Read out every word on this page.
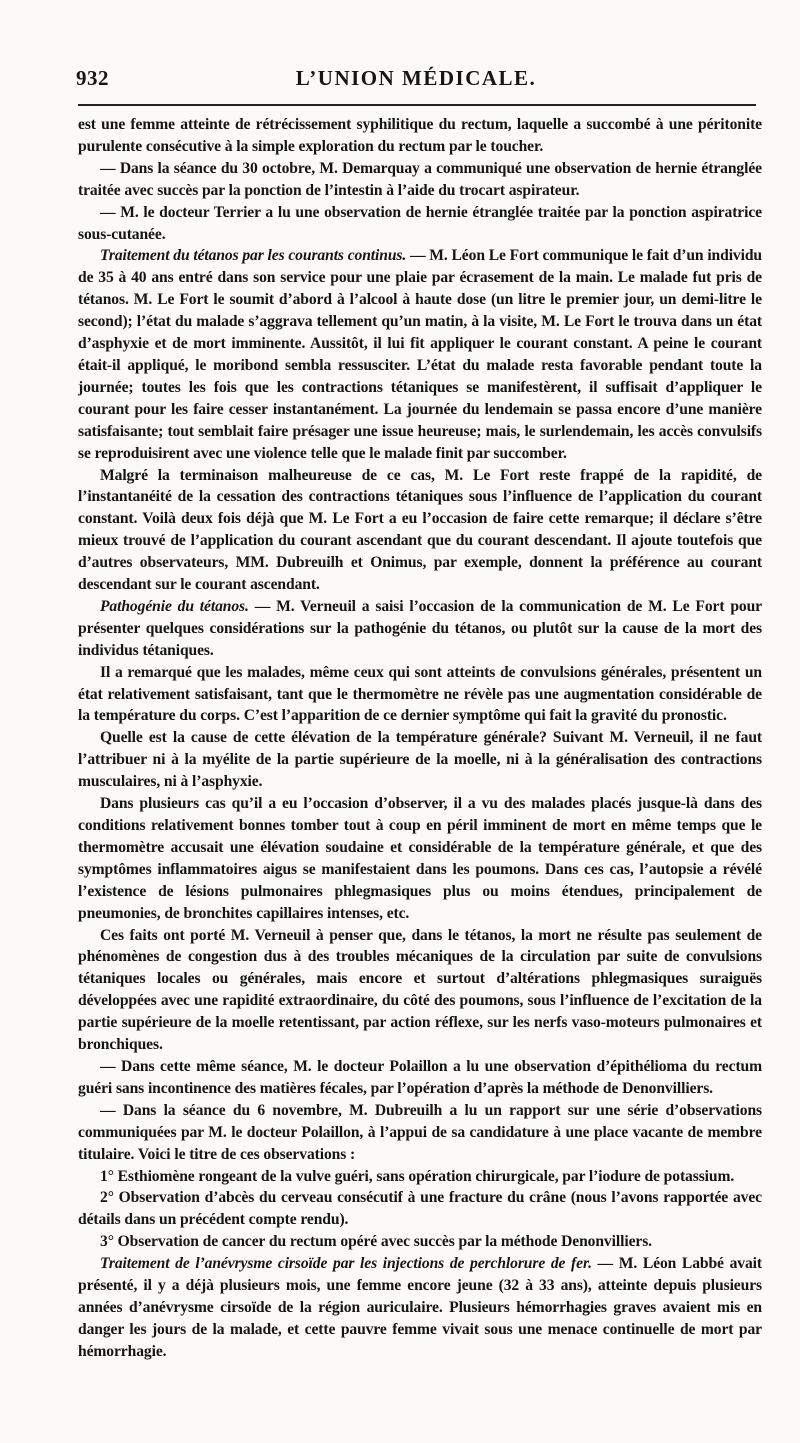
932	L’UNION MÉDICALE.

est une femme atteinte de rétrécissement syphilitique du rectum, laquelle a succombé à une péritonite purulente consécutive à la simple exploration du rectum par le toucher.

— Dans la séance du 30 octobre, M. Demarquay a communiqué une observation de hernie étranglée traitée avec succès par la ponction de l’intestin à l’aide du trocart aspirateur.

— M. le docteur Terrier a lu une observation de hernie étranglée traitée par la ponction aspiratrice sous-cutanée.

Traitement du tétanos par les courants continus. — M. Léon Le Fort communique le fait d’un individu de 35 à 40 ans entré dans son service pour une plaie par écrasement de la main. Le malade fut pris de tétanos. M. Le Fort le soumit d’abord à l’alcool à haute dose (un litre le premier jour, un demi-litre le second); l’état du malade s’aggrava tellement qu’un matin, à la visite, M. Le Fort le trouva dans un état d’asphyxie et de mort imminente. Aussitôt, il lui fit appliquer le courant constant. A peine le courant était-il appliqué, le moribond sembla ressusciter. L’état du malade resta favorable pendant toute la journée; toutes les fois que les contractions tétaniques se manifestèrent, il suffisait d’appliquer le courant pour les faire cesser instantanément. La journée du lendemain se passa encore d’une manière satisfaisante; tout semblait faire présager une issue heureuse; mais, le surlendemain, les accès convulsifs se reproduisirent avec une violence telle que le malade finit par succomber.

Malgré la terminaison malheureuse de ce cas, M. Le Fort reste frappé de la rapidité, de l’instantanéité de la cessation des contractions tétaniques sous l’influence de l’application du courant constant. Voilà deux fois déjà que M. Le Fort a eu l’occasion de faire cette remarque; il déclare s’être mieux trouvé de l’application du courant ascendant que du courant descendant. Il ajoute toutefois que d’autres observateurs, MM. Dubreuilh et Onimus, par exemple, donnent la préférence au courant descendant sur le courant ascendant.

Pathogénie du tétanos. — M. Verneuil a saisi l’occasion de la communication de M. Le Fort pour présenter quelques considérations sur la pathogénie du tétanos, ou plutôt sur la cause de la mort des individus tétaniques.

Il a remarqué que les malades, même ceux qui sont atteints de convulsions générales, présentent un état relativement satisfaisant, tant que le thermomètre ne révèle pas une augmentation considérable de la température du corps. C’est l’apparition de ce dernier symptôme qui fait la gravité du pronostic.

Quelle est la cause de cette élévation de la température générale? Suivant M. Verneuil, il ne faut l’attribuer ni à la myélite de la partie supérieure de la moelle, ni à la généralisation des contractions musculaires, ni à l’asphyxie.

Dans plusieurs cas qu’il a eu l’occasion d’observer, il a vu des malades placés jusque-là dans des conditions relativement bonnes tomber tout à coup en péril imminent de mort en même temps que le thermomètre accusait une élévation soudaine et considérable de la température générale, et que des symptômes inflammatoires aigus se manifestaient dans les poumons. Dans ces cas, l’autopsie a révélé l’existence de lésions pulmonaires phlegmasiques plus ou moins étendues, principalement de pneumonies, de bronchites capillaires intenses, etc.

Ces faits ont porté M. Verneuil à penser que, dans le tétanos, la mort ne résulte pas seulement de phénomènes de congestion dus à des troubles mécaniques de la circulation par suite de convulsions tétaniques locales ou générales, mais encore et surtout d’altérations phlegmasiques suraiguës développées avec une rapidité extraordinaire, du côté des poumons, sous l’influence de l’excitation de la partie supérieure de la moelle retentissant, par action réflexe, sur les nerfs vaso-moteurs pulmonaires et bronchiques.

— Dans cette même séance, M. le docteur Polaillon a lu une observation d’épithélioma du rectum guéri sans incontinence des matières fécales, par l’opération d’après la méthode de Denonvilliers.

— Dans la séance du 6 novembre, M. Dubreuilh a lu un rapport sur une série d’observations communiquées par M. le docteur Polaillon, à l’appui de sa candidature à une place vacante de membre titulaire. Voici le titre de ces observations :

1° Esthiomène rongeant de la vulve guéri, sans opération chirurgicale, par l’iodure de potassium.

2° Observation d’abcès du cerveau consécutif à une fracture du crâne (nous l’avons rapportée avec détails dans un précédent compte rendu).

3° Observation de cancer du rectum opéré avec succès par la méthode Denonvilliers.

Traitement de l’anévrysme cirsoïde par les injections de perchlorure de fer. — M. Léon Labbé avait présenté, il y a déjà plusieurs mois, une femme encore jeune (32 à 33 ans), atteinte depuis plusieurs années d’anévrysme cirsoïde de la région auriculaire. Plusieurs hémorrhagies graves avaient mis en danger les jours de la malade, et cette pauvre femme vivait sous une menace continuelle de mort par hémorrhagie.
